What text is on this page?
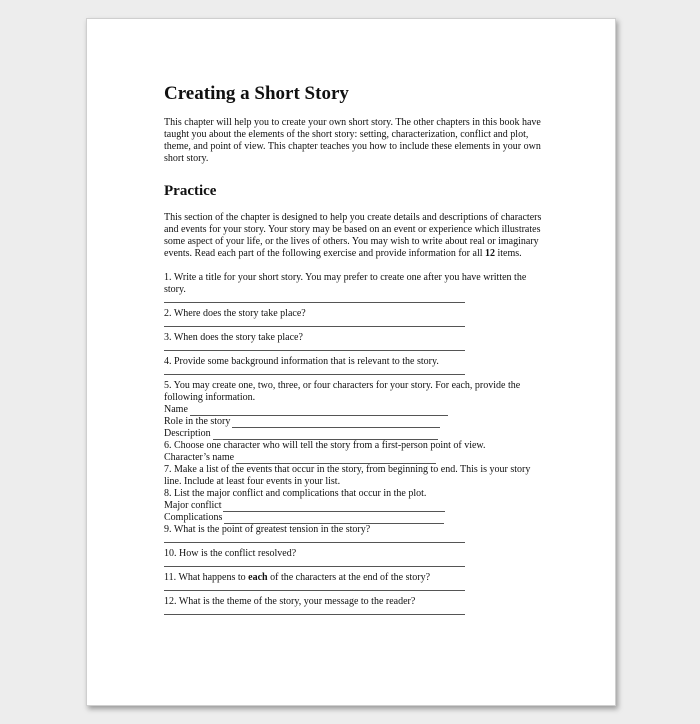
Creating a Short Story

This chapter will help you to create your own short story. The other chapters in this book have taught you about the elements of the short story: setting, characterization, conflict and plot, theme, and point of view. This chapter teaches you how to include these elements in your own short story.

Practice

This section of the chapter is designed to help you create details and descriptions of characters and events for your story. Your story may be based on an event or experience which illustrates some aspect of your life, or the lives of others. You may wish to write about real or imaginary events. Read each part of the following exercise and provide information for all 12 items.

1. Write a title for your short story. You may prefer to create one after you have written the story.

2. Where does the story take place?

3. When does the story take place?

4. Provide some background information that is relevant to the story.

5. You may create one, two, three, or four characters for your story. For each, provide the following information.

Name
Role in the story
Description

6. Choose one character who will tell the story from a first-person point of view.

Character’s name

7. Make a list of the events that occur in the story, from beginning to end. This is your story line. Include at least four events in your list.

8. List the major conflict and complications that occur in the plot.

Major conflict
Complications

9. What is the point of greatest tension in the story?

10. How is the conflict resolved?

11. What happens to each of the characters at the end of the story?

12. What is the theme of the story, your message to the reader?
